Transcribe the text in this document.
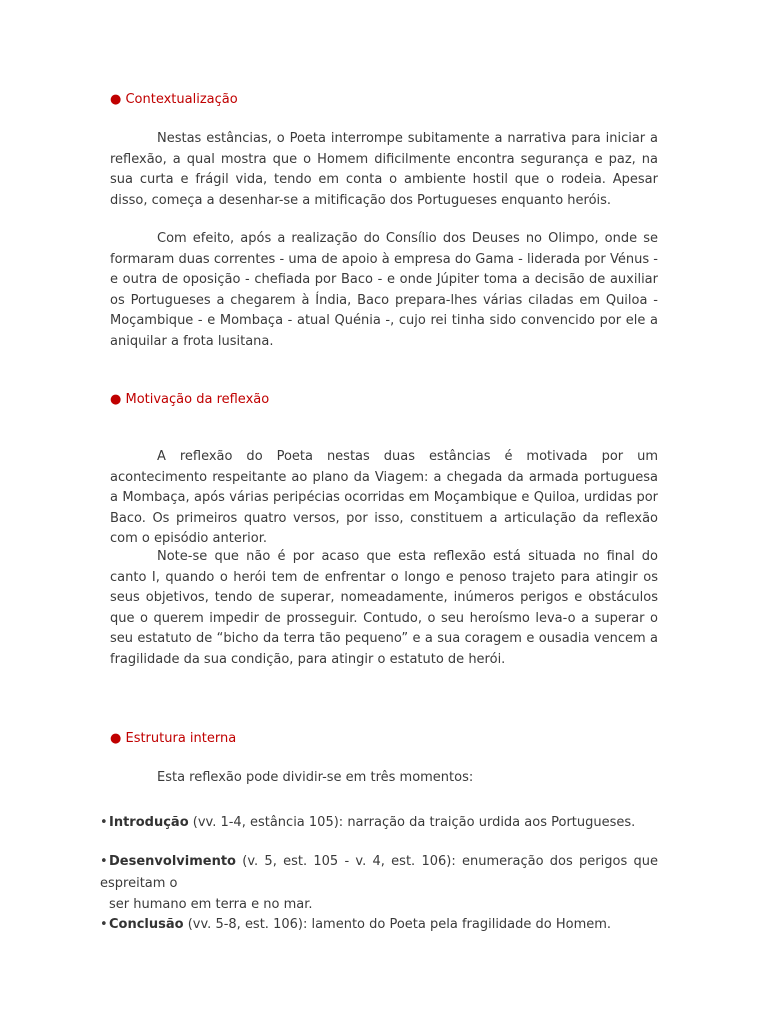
● Contextualização

Nestas estâncias, o Poeta interrompe subitamente a narrativa para iniciar a reflexão, a qual mostra que o Homem dificilmente encontra segurança e paz, na sua curta e frágil vida, tendo em conta o ambiente hostil que o rodeia. Apesar disso, começa a desenhar-se a mitificação dos Portugueses enquanto heróis.

Com efeito, após a realização do Consílio dos Deuses no Olimpo, onde se formaram duas correntes - uma de apoio à empresa do Gama - liderada por Vénus - e outra de oposição - chefiada por Baco - e onde Júpiter toma a decisão de auxiliar os Portugueses a chegarem à Índia, Baco prepara-lhes várias ciladas em Quiloa - Moçambique - e Mombaça - atual Quénia -, cujo rei tinha sido convencido por ele a aniquilar a frota lusitana.

● Motivação da reflexão

A reflexão do Poeta nestas duas estâncias é motivada por um acontecimento respeitante ao plano da Viagem: a chegada da armada portuguesa a Mombaça, após várias peripécias ocorridas em Moçambique e Quiloa, urdidas por Baco. Os primeiros quatro versos, por isso, constituem a articulação da reflexão com o episódio anterior.

Note-se que não é por acaso que esta reflexão está situada no final do canto I, quando o herói tem de enfrentar o longo e penoso trajeto para atingir os seus objetivos, tendo de superar, nomeadamente, inúmeros perigos e obstáculos que o querem impedir de prosseguir. Contudo, o seu heroísmo leva-o a superar o seu estatuto de “bicho da terra tão pequeno” e a sua coragem e ousadia vencem a fragilidade da sua condição, para atingir o estatuto de herói.

● Estrutura interna
Esta reflexão pode dividir-se em três momentos:
•Introdução (vv. 1-4, estância 105): narração da traição urdida aos Portugueses.
•Desenvolvimento (v. 5, est. 105 - v. 4, est. 106): enumeração dos perigos que espreitam o
ser humano em terra e no mar.
•Conclusão (vv. 5-8, est. 106): lamento do Poeta pela fragilidade do Homem.
